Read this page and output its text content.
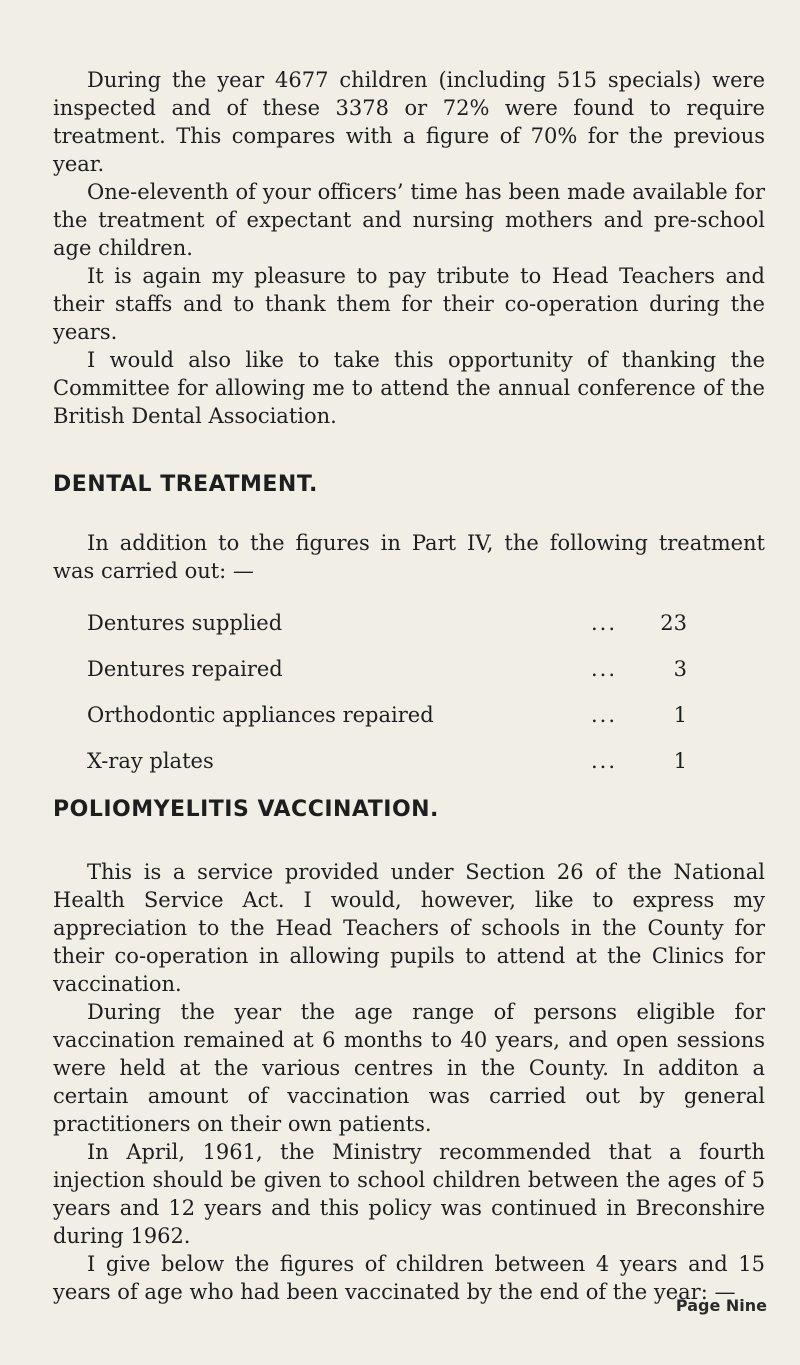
During the year 4677 children (including 515 specials) were inspected and of these 3378 or 72% were found to require treatment. This compares with a figure of 70% for the previous year.

One-eleventh of your officers’ time has been made available for the treatment of expectant and nursing mothers and pre-school age children.

It is again my pleasure to pay tribute to Head Teachers and their staffs and to thank them for their co-operation during the years.

I would also like to take this opportunity of thanking the Committee for allowing me to attend the annual conference of the British Dental Association.

DENTAL TREATMENT.

In addition to the figures in Part IV, the following treatment was carried out: —

Dentures supplied	...	23
Dentures repaired	...	3
Orthodontic appliances repaired	...	1
X-ray plates	...	1
POLIOMYELITIS VACCINATION.

This is a service provided under Section 26 of the National Health Service Act. I would, however, like to express my appreciation to the Head Teachers of schools in the County for their co-operation in allowing pupils to attend at the Clinics for vaccination.

During the year the age range of persons eligible for vaccination remained at 6 months to 40 years, and open sessions were held at the various centres in the County. In additon a certain amount of vaccination was carried out by general practitioners on their own patients.

In April, 1961, the Ministry recommended that a fourth injection should be given to school children between the ages of 5 years and 12 years and this policy was continued in Breconshire during 1962.

I give below the figures of children between 4 years and 15 years of age who had been vaccinated by the end of the year: —

Page Nine
